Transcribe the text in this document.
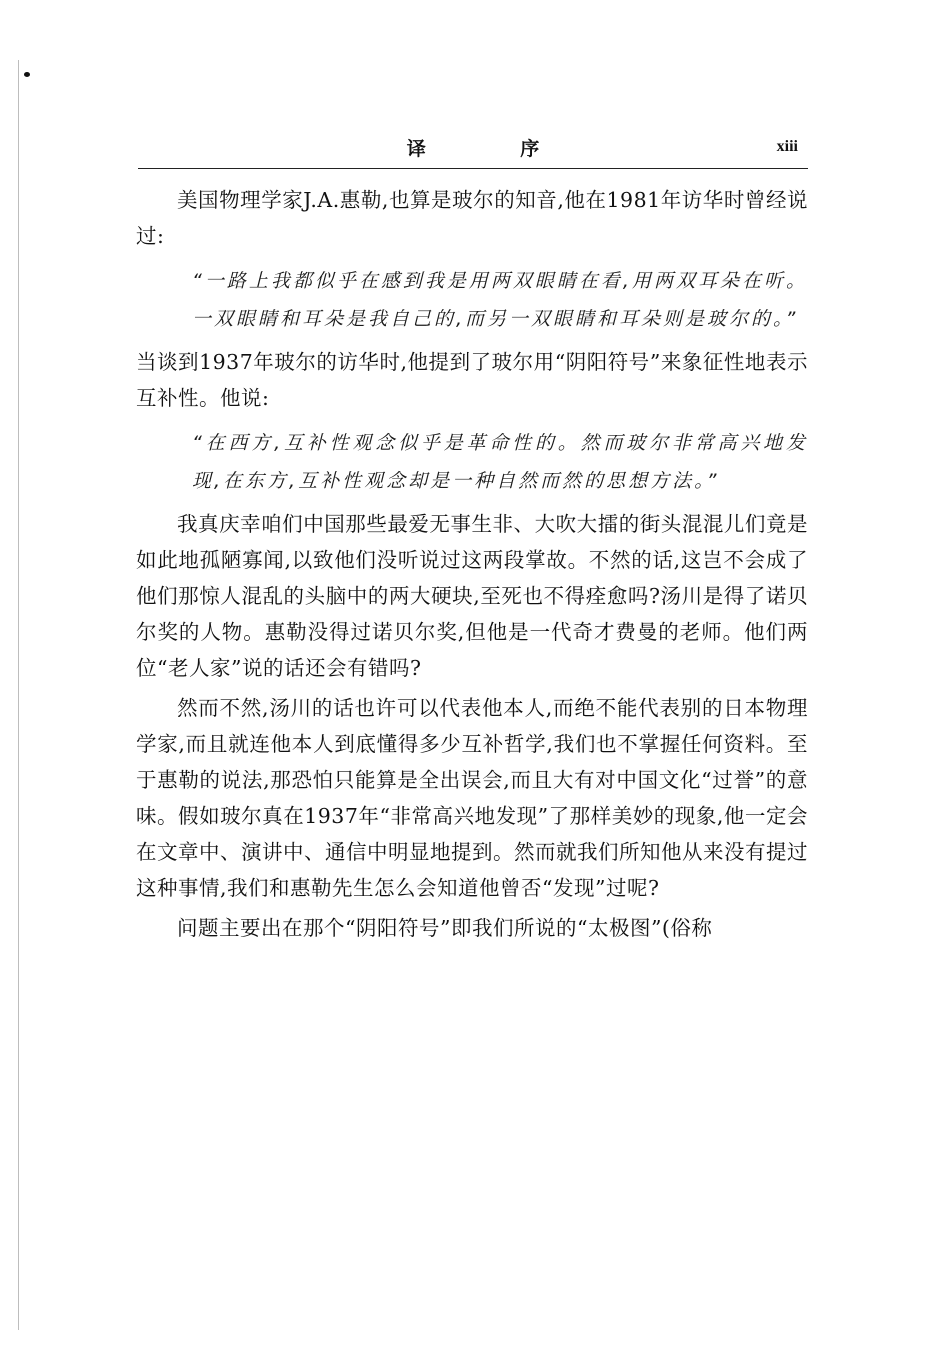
译 序	xiii

美国物理学家J.A.惠勒,也算是玻尔的知音,他在1981年访华时曾经说过:

“一路上我都似乎在感到我是用两双眼睛在看,用两双耳朵在听。一双眼睛和耳朵是我自己的,而另一双眼睛和耳朵则是玻尔的。”

当谈到1937年玻尔的访华时,他提到了玻尔用“阴阳符号”来象征性地表示互补性。他说:

“在西方,互补性观念似乎是革命性的。然而玻尔非常高兴地发现,在东方,互补性观念却是一种自然而然的思想方法。”

我真庆幸咱们中国那些最爱无事生非、大吹大擂的街头混混儿们竟是如此地孤陋寡闻,以致他们没听说过这两段掌故。不然的话,这岂不会成了他们那惊人混乱的头脑中的两大硬块,至死也不得痊愈吗?汤川是得了诺贝尔奖的人物。惠勒没得过诺贝尔奖,但他是一代奇才费曼的老师。他们两位“老人家”说的话还会有错吗?

然而不然,汤川的话也许可以代表他本人,而绝不能代表别的日本物理学家,而且就连他本人到底懂得多少互补哲学,我们也不掌握任何资料。至于惠勒的说法,那恐怕只能算是全出误会,而且大有对中国文化“过誉”的意味。假如玻尔真在1937年“非常高兴地发现”了那样美妙的现象,他一定会在文章中、演讲中、通信中明显地提到。然而就我们所知他从来没有提过这种事情,我们和惠勒先生怎么会知道他曾否“发现”过呢?

问题主要出在那个“阴阳符号”即我们所说的“太极图”(俗称
